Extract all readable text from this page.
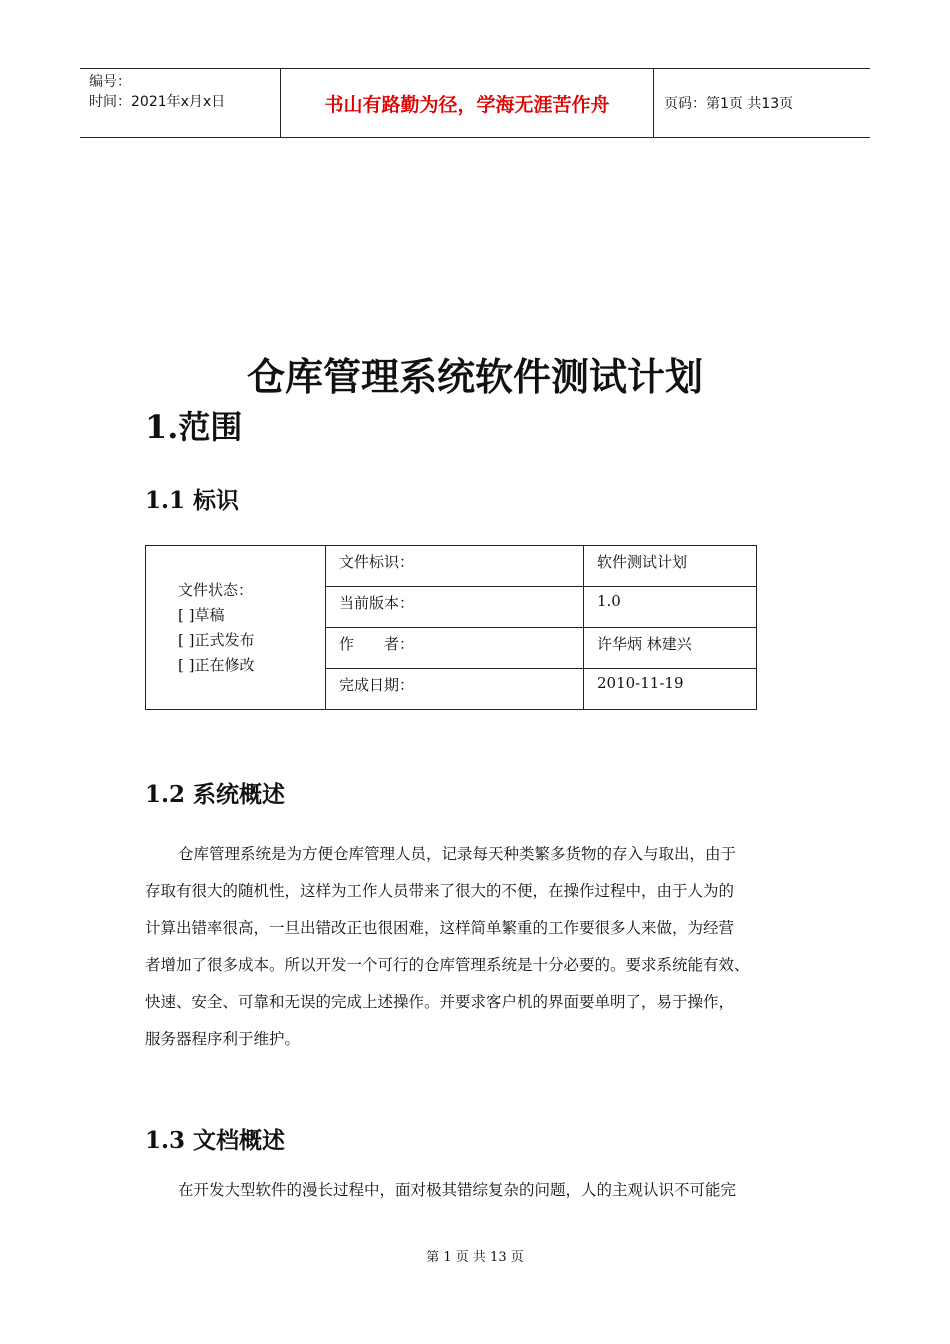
编号：
时间：2021年x月x日	书山有路勤为径，学海无涯苦作舟	页码：第1页 共13页
仓库管理系统软件测试计划
1.范围
1.1 标识
文件状态：
[ ]草稿
[ ]正式发布
[ ]正在修改	文件标识：	软件测试计划
	当前版本：	1.0
	作　　者：	许华炳 林建兴
	完成日期：	2010-11-19
1.2 系统概述

仓库管理系统是为方便仓库管理人员，记录每天种类繁多货物的存入与取出，由于

存取有很大的随机性，这样为工作人员带来了很大的不便，在操作过程中，由于人为的

计算出错率很高，一旦出错改正也很困难，这样简单繁重的工作要很多人来做，为经营

者增加了很多成本。所以开发一个可行的仓库管理系统是十分必要的。要求系统能有效、

快速、安全、可靠和无误的完成上述操作。并要求客户机的界面要单明了，易于操作，

服务器程序利于维护。

1.3 文档概述

在开发大型软件的漫长过程中，面对极其错综复杂的问题，人的主观认识不可能完

第 1 页 共 13 页
